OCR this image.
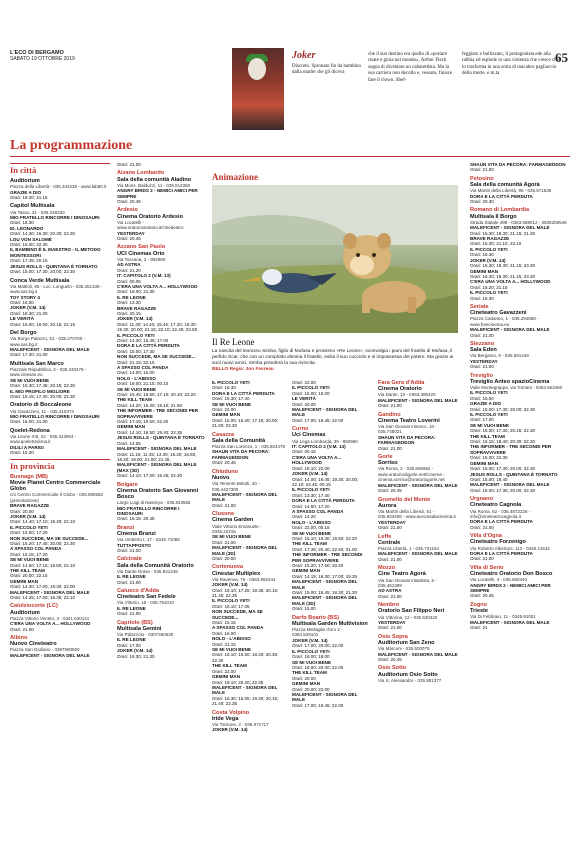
L'ECO DI BERGAMO
SABATO 19 OTTOBRE 2019	65
Joker
Discreto. Spronato fin da bambino dalla madre che gli diceva
che il suo destino era quello di «portare risate e gioia nel mondo», Arthur Fleck sogna di diventare un cabarettista. Ma la sua carriera non decolla e, vessato, finisce fare il clown. Sbef-
feggiato e bullizzato, il protagonista ede alla rabbia ed esplode in una violenza che cresce che lo trasforma in una sorta di macabro pagliaccio della morte. e.m.ta
La programmazione
In città
Auditorium
Piazza della Libertà - 035.342239 - www.lab80.it
GRAZIE A DIO
Orari: 18.30; 21.15
Capitol Multisala
Via Tasso, 41 - 035.248330
MIO FRATELLO RINCORRE I DINOSAURI
Orari: 18.30
ID. LEONARDO
Orari: 14.30; 16.30; 20.30; 22.30
LOU VON SALOMÉ
Orari: 15.30; 22.30
IL BAMBINO È IL MAESTRO - IL METODO MONTESSORI
Orari: 17.45; 20.15
JESUS ROLLS - QUINTANA È TORNATO
Orari: 15.00; 17.30; 20.00; 22.30
Conca Verde Multisala
Via Mattioli, 65 - Loc. Longuelo - 035.251339 - www.sas.bg.it
TOY STORY 4
Orari: 16.00
JOKER (V.M. 14)
Orari: 18.30; 21.00
LE VERITÀ
Orari: 16.00; 18.00; 20.15; 22.15
Del Borgo
Via Borgo Palazzo, 51 - 035.270760 - www.sas.bg.it
MALEFICENT - SIGNORA DEL MALE
Orari: 17.30; 21.00
Multisala San Marco
Piazzale Repubblica, 2 - 035.240478 - www.cinesan.eu
SE MI VUOI BENE
Orari: 15.30; 17.45; 20.15; 22.30
IL MIO PROFILO MIGLIORE
Orari: 15.15; 17.30; 20.00; 22.30
Oratorio di Boccaleone
Via Gavazzeni, 11 - 035.310374
MIO FRATELLO RINCORRE I DINOSAURI
Orari: 16.00; 21.00
Qoelet-Redona
Via Leone XIII, 22 - 035.343904 - www.qoeletredona.it
DILILI A PARIGI
Orari: 15.30
In provincia
Busnago (MB)
Movie Planet Centro Commerciale Globo
c/o Centro Commerciale Il Globo - 039.695582 (prenotazione)
BRAVE RAGAZZE
Orari: 20.00
JOKER (V.M. 14)
Orari: 14.40; 17.10; 19.40; 22.10
IL PICCOLO YETI
Orari: 15.00; 17.20
NON SUCCEDE, MA SE SUCCEDE...
Orari: 15.20; 17.45; 20.00; 22.30
A SPASSO COL PANDA
Orari: 15.15; 17.20
SE MI VUOI BENE
Orari: 14.50; 17.15; 19.50; 22.10
THE KILL TEAM
Orari: 20.00; 22.15
GEMINI MAN
Orari: 14.30; 17.00; 19.30; 22.00
MALEFICENT - SIGNORA DEL MALE
Orari: 14.25; 17.00; 19.35; 22.10
Calolziocorte (LC)
Auditorium
Piazza Vittorio Veneto, 3 - 0341.630141
C'ERA UNA VOLTA A... HOLLYWOOD
Orari: 21.00
Albino
Nuovo Cineteatro
Piazza San Giuliano - 3387590560
MALEFICENT - SIGNORA DEL MALE
Orari: 21.00
Alzano Lombardo
Sala della comunità Aladino
Via Mons. Balduzzi, 11 - 035.512360
ANGRY BIRDS 2 - NEMICI AMICI PER SEMPRE
Orari: 20.45
Ardesio
Cinema Oratorio Ardesio
Via Locatelli - www.oratorioardesio.it/cinedeatro
YESTERDAY
Orari: 20.45
Azzano San Paolo
UCI Cinemas Orio
Via Toscana, 2 - 892960
AD ASTRA
Orari: 21.20
IT: CAPITOLO 2 (V.M. 13)
Orari: 00.05
C'ERA UNA VOLTA A... HOLLYWOOD
Orari: 18.00; 21.30
IL RE LEONE
Orari: 13.30
BRAVE RAGAZZE
Orari: 20.15
JOKER (V.M. 14)
Orari: 11.30; 14.40; 15.45; 17.20; 18.30; 19.30; 20.00; 21.15; 22.10; 22.45; 23.50
IL PICCOLO YETI
Orari: 14.30; 15.45; 17.00
DORA E LA CITTÀ PERDUTA
Orari: 15.00; 17.30
NON SUCCEDE, MA SE SUCCEDE...
Orari: 21.15; 22.15
A SPASSO COL PANDA
Orari: 14.00; 16.00
NOLO - L'ABISSO
Orari: 19.00; 21.15; 00.10
SE MI VUOI BENE
Orari: 15.45; 16.50; 17.10; 20.10; 22.20
THE KILL TEAM
Orari: 14.20; 16.30; 19.10; 21.50
THE INFORMER - TRE SECONDI PER SOPRAVVIVERE
Orari: 17.15; 19.50; 22.40
GEMINI MAN
Orari: 14.10; 16.50; 19.40; 22.35
JESUS ROLLS - QUINTANA È TORNATO
Orari: 14.05
MALEFICENT - SIGNORA DEL MALE
Orari: 11.15; 11.45; 13.30; 16.20; 16.50; 18.20; 19.00; 21.00; 21.45
MALEFICENT - SIGNORA DEL MALE (MAX (3D)
Orari: 14.10; 17.00; 19.45; 22.30
Bolgare
Cinema Oratorio San Giovanni Bosco
Largo Luigi di Nassirya - 035.843555
MIO FRATELLO RINCORRE I DINOSAURI
Orari: 16.15; 20.45
Branzi
Cinema Branzi
Via Umberto I, 17 - 0345.71088
TUTTAPPOSTO
Orari: 21.00
Calcinate
Sala della Comunità Oratorio
Via Dante Grass - 035.841245
IL RE LEONE
Orari: 21.00
Calusco d'Adda
Cineteatro San Fedele
Via Vittorio, 18 - 035.791010
IL RE LEONE
Orari: 21.00
Capriolo (BS)
Multisala Gemini
Via Palazzolo - 0307460530
IL RE LEONE
Orari: 17.00
JOKER (V.M. 14)
Orari: 18.30; 21.30
Animazione
Il Re Leone
La nascita del leoncino Simba, figlio di Mufasa e prossimo «Re Leone», sconvolgia i piani del fratello di Mufasa, il perfido Scar, che con un complotto elimina il fratello, esilia il suo cucciolo e si impossessa del potere. Ma grazie ai suoi nuovi amici, Simba prenderà la sua rivincita.
BELLO Regia: Jon Favreau
IL PICCOLO YETI
Orari: 16.30
DORA E LA CITTÀ PERDUTA
Orari: 15.30; 17.40
SE MI VUOI BENE
Orari: 22.00
GEMINI MAN
Orari: 15.00; 16.20; 17.15; 20.00; 21.00; 22.30
Casazza
Sala della Comunità
Piazza San Lorenzo, 1 - 035.824479
SHAUN VITA DA PECORA: FARMAGEDDON
Orari: 20.45
Chiuduno
Nuovo
Via Tenente Belotti, 40 - 035.4427300
MALEFICENT - SIGNORA DEL MALE
Orari: 21.00
Clusone
Cinema Garden
Viale Vittorio Emanuele - 0346.22215
SE MI VUOI BENE
Orari: 21.00
MALEFICENT - SIGNORA DEL MALE (3D)
Orari: 20.00
Cortenuova
Cinestar Multiplex
Via Ravenna, 75 - 0363.992244
JOKER (V.M. 14)
Orari: 16.10; 17.25; 19.35; 20.15; 21.45; 22.35
IL PICCOLO YETI
Orari: 15.10; 17.05
NON SUCCEDE, MA SE SUCCEDE...
Orari: 15.15
A SPASSO COL PANDA
Orari: 16.00
NOLO - L'ABISSO
Orari: 21.15
SE MI VUOI BENE
Orari: 15.10; 16.50; 18.40; 20.35; 22.30
THE KILL TEAM
Orari: 22.00
GEMINI MAN
Orari: 18.10; 20.20; 22.35
MALEFICENT - SIGNORA DEL MALE
Orari: 15.30; 16.05; 19.30; 20.15; 21.40; 22.35
Costa Volpino
Iride Vega
Via Torrione, 2 - 035.971717
JOKER (V.M. 14)
Orari: 22.00
IL PICCOLO YETI
Orari: 16.00; 18.00
LE VERITÀ
Orari: 20.00
MALEFICENT - SIGNORA DEL MALE
Orari: 17.00; 19.45; 22.00
Curno
Uci Cinemas
Via Lega Lombarda, 39 - 892960
IT: CAPITOLO 2 (V.M. 13)
Orari: 00.15
C'ERA UNA VOLTA A... HOLLYWOOD
Orari: 18.10; 22.00
JOKER (V.M. 14)
Orari: 14.00; 16.45; 19.30; 20.00; 22.10; 22.45; 00.15
IL PICCOLO YETI
Orari: 13.30; 17.40
DORA E LA CITTÀ PERDUTA
Orari: 14.50; 17.20
A SPASSO COL PANDA
Orari: 14.20
NOLO - L'ABISSO
Orari: 23.00; 00.15
SE MI VUOI BENE
Orari: 15.10; 16.30; 19.50; 22.20
THE KILL TEAM
Orari: 17.35; 20.40; 22.50; 01.00
THE INFORMER - TRE SECONDI PER SOPRAVVIVERE
Orari: 15.20; 17.50; 20.40
GEMINI MAN
Orari: 14.15; 16.30; 17.00; 19.35
MALEFICENT - SIGNORA DEL MALE
Orari: 15.00; 15.45; 18.30; 21.30
MALEFICENT - SIGNORA DEL MALE (3D)
Orari: 15.00
Darfo Boario (BS)
Multisala Garden Multivision
Piazza Medaglie d'oro 2 - 0364.529101
JOKER (V.M. 14)
Orari: 17.00; 20.00; 22.00
IL PICCOLO YETI
Orari: 16.00; 18.00
SE MI VUOI BENE
Orari: 18.00; 20.00; 22.00
THE KILL TEAM
Orari: 20.00
GEMINI MAN
Orari: 20.00; 22.00
MALEFICENT - SIGNORA DEL MALE
Orari: 17.00; 19.45; 22.00
Fara Gera d'Adda
Cinema Oratorio
Via Dante, 10 - 0363.395420
MALEFICENT - SIGNORA DEL MALE
Orari: 21.00
Gandino
Cinema Teatro Loverini
Via San Giovanni Bosco, 10 - 035.745021
SHAUN VITA DA PECORA: FARMAGEDDON
Orari: 21.00
Gorle
Sorriso
Via Roma, 2 - 035.656962 - www.oratoriodigorle.net/Cinema - cinema.sorriso@oratoriogorle.net
MALEFICENT - SIGNORA DEL MALE
Orari: 20.45
Grumello del Monte
Aurora
Via Martiri della Libertà, 61 - 035.833408 - www.aurorasalacinema.it
YESTERDAY
Orari: 21.00
Leffe
Centrale
Piazza Libertà, 1 - 035.731154
MALEFICENT - SIGNORA DEL MALE
Orari: 21.00
Mozzo
Cine Teatro Agorà
Via San Giovanni Battista, 6 - 035.461389
AD ASTRA
Orari: 21.00
Nembro
Oratorio San Filippo Neri
Via Vittorina, 12 - 035.520420
YESTERDAY
Orari: 21.00
Osio Sopra
Auditorium San Zeno
Via Marconi - 035.500079
MALEFICENT - SIGNORA DEL MALE
Orari: 20.45
Osio Sotto
Auditorium Osio Sotto
Via S. Alessandro - 035.881377
SHAUN VITA DA PECORA: FARMAGEDDON
Orari: 21.00
Petosino
Sala della comunità Agorà
Via Martiri della Libertà, 95 - 035.571536
DORA E LA CITTÀ PERDUTA
Orari: 20.30
Romano di Lombardia
Multisala Il Borgo
Strada Statale 498 - 0363.688012 - 3938259546
MALEFICENT - SIGNORA DEL MALE
Orari: 16.30; 18.30; 21.15; 21.30
BRAVE RAGAZZE
Orari: 16.30; 21.15; 23.10
IL PICCOLO YETI
Orari: 18.30
JOKER (V.M. 14)
Orari: 16.30; 18.30; 21.15; 23.30
GEMINI MAN
Orari: 16.30; 18.30; 21.15; 23.30
C'ERA UNA VOLTA A... HOLLYWOOD
Orari: 18.20; 21.15
IL PICCOLO YETI
Orari: 16.30
Seriate
Cineteatro Gavazzeni
Piazza Cattaneo, 1 - 035.294868 - www.freecinema.eu
MALEFICENT - SIGNORA DEL MALE
Orari: 21.00
Stezzano
Sala Eden
Via Bergamo, 9 - 035.591449
YESTERDAY
Orari: 21.00
Treviglio
Treviglio Anteo spazioCinema
Viale Montegrappa, via Torriani - 0363.563460
IL PICCOLO YETI
Orari: 15.00
GRAZIE A DIO
Orari: 15.00; 17.30; 20.00; 22.30
IL PICCOLO YETI
Orari: 17.00
SE MI VUOI BENE
Orari: 15.00; 17.30; 20.15; 22.30
THE KILL TEAM
Orari: 16.15; 18.40; 20.30; 22.30
THE INFORMER - TRE SECONDI PER SOPRAVVIVERE
Orari: 15.00; 22.30
GEMINI MAN
Orari: 15.00; 17.30; 20.00; 22.30
JESUS ROLLS - QUINTANA È TORNATO
Orari: 15.00; 19.40
MALEFICENT - SIGNORA DEL MALE
Orari: 15.00; 17.30; 20.00; 22.30
Urgnano
Cineteatro Cagnola
Via Roma, 62 - 035.4872228 - info@cineteatrocagnola.it
DORA E LA CITTÀ PERDUTA
Orari: 21.00
Villa d'Ogna
Cineteatro Forzenigo
Via Roberto Albertoni, 113 - 0346.21532
DORA E LA CITTÀ PERDUTA
Orari: 21.00
Villa di Serio
Cineteatro Oratorio Don Bosco
Via Locatelli, 4 - 035.660340
ANGRY BIRDS 2 - NEMICI AMICI PER SEMPRE
Orari: 20.45
Zogno
Trieste
Via Di Febbraio, 11 - 0345.91051
MALEFICENT - SIGNORA DEL MALE
Orari: 21
